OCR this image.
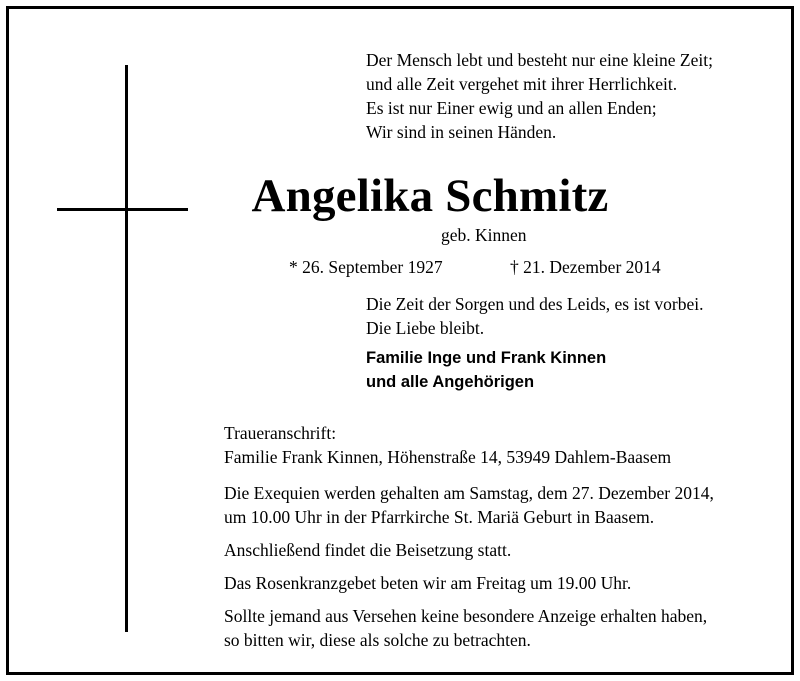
Der Mensch lebt und besteht nur eine kleine Zeit;
und alle Zeit vergehet mit ihrer Herrlichkeit.
Es ist nur Einer ewig und an allen Enden;
Wir sind in seinen Händen.
Angelika Schmitz
geb. Kinnen
* 26. September 1927	† 21. Dezember 2014
Die Zeit der Sorgen und des Leids, es ist vorbei.
Die Liebe bleibt.
Familie Inge und Frank Kinnen
und alle Angehörigen
Traueranschrift:
Familie Frank Kinnen, Höhenstraße 14, 53949 Dahlem-Baasem

Die Exequien werden gehalten am Samstag, dem 27. Dezember 2014,

um 10.00 Uhr in der Pfarrkirche St. Mariä Geburt in Baasem.

Anschließend findet die Beisetzung statt.

Das Rosenkranzgebet beten wir am Freitag um 19.00 Uhr.

Sollte jemand aus Versehen keine besondere Anzeige erhalten haben,

so bitten wir, diese als solche zu betrachten.
